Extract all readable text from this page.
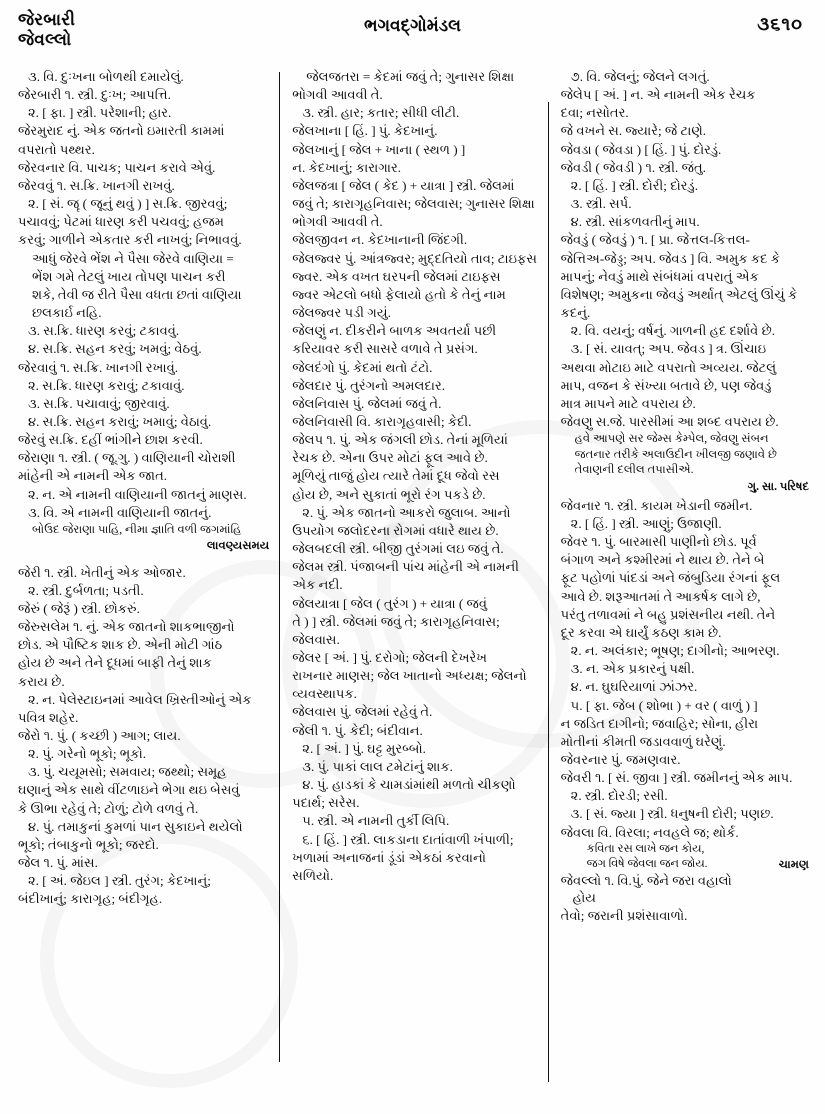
જેરબારી
જેવલ્લો
ભગવદ્ગોમંડલ	૩૬૧૦

૩. વિ. દુઃખના બોળથી દમાયેલું.

જેરબારી ૧. સ્ત્રી. દુઃખ; આપત્તિ.

૨. [ ફા. ] સ્ત્રી. પરેશાની; હાર.

જેરમુરાદ નું. એક જતનો ઇમારતી કામમાં

વપરાતો પથ્થર.

જેરવનાર વિ. પાચક; પાચન કરાવે એવું.

જેરવવું ૧. સ.ક્રિ. ખાનગી રાખવું.

૨. [ સં. જૄ ( જૂનું થવું ) ] સ.ક્રિ. જીરવવું;

પચાવવું; પેટમાં ધારણ કરી પચવવું; હજમ

કરવું; ગાળીને એકતાર કરી નાખવું; નિભાવવું.

આધું જેરવે ભેંશ ને પૈસા જેરવે વાણિયા =

ભેંશ ગમે તેટલું ખાય તોપણ પાચન કરી

શકે, તેવી જ રીતે પૈસા વધતા છતાં વાણિયા

છલકાર્ઇ નહિ.

૩. સ.ક્રિ. ધારણ કરવું; ટકાવવું.

૪. સ.ક્રિ. સહન કરવું; ખમવું; વેઠવું.

જેરવાવું ૧. સ.ક્રિ. ખાનગી રખાવું.

૨. સ.ક્રિ. ધારણ કરાવું; ટકાવાવું.

૩. સ.ક્રિ. પચાવાવું; જીરવાવું.

૪. સ.ક્રિ. સહન કરાવું; ખમાવું; વેઠાવું.

જેરવું સ.ક્રિ. દહીં ભાંગીને છાશ કરવી.

જેરાણા ૧. સ્ત્રી. ( જૂ.ગુ. ) વાણિયાની ચોરાશી

માંહેની એ નામની એક જાત.

૨. ન. એ નામની વાણિયાની જાતનું માણસ.

૩. વિ. એ નામની વાણિયાની જાતનું.

બોઉદ જેરાણા પાહિ, નીમા જ્ઞાતિ વળી જગમાંહિ

લાવણ્યસમય

જેરી ૧. સ્ત્રી. ખેતીનું એક ઓજાર.

૨. સ્ત્રી. દુર્બળતા; પડતી.

જેરું ( જેરૂં ) સ્ત્રી. છોકરું.

જેરુસલેમ ૧. નું. એક જાતનો શાકભાજીનો

છોડ. એ પૌષ્ટિક શાક છે. એની મોટી ગાંઠ

હોય છે અને તેને દૂધમાં બાફી તેનું શાક

કરાય છે.

૨. ન. પેલેસ્ટાઇનમાં આવેલ ખ્રિસ્તીઓનું એક

પવિત્ર શહેર.

જેરો ૧. પું. ( કચ્છી ) આગ; લાય.

૨. પું. ગરેનો ભૂકો; ભૂકો.

૩. પું. ચયૂમસો; સમવાય; જથ્થો; સમૂહ

ઘણાનું એક સાથે વીંટળાઇને ભેગા થઇ બેસવું

કે ઊભા રહેવું તે; ટોળું; ટોળે વળવું તે.

૪. પું. તમાકુનાં કુમળાં પાન સુકાઇને થયેલો

ભૂકો; તંબાકુનો ભૂકો; જરદો.

જેલ ૧. પું. માંસ.

૨. [ અં. જેઇલ ] સ્ત્રી. તુરંગ; કેદખાનું;

બંદીખાનું; કારાગૃહ; બંદીગૃહ.

જેલજતરા = કેદમાં જવું તે; ગુનાસર શિક્ષા

ભોગવી આવવી તે.

૩. સ્ત્રી. હાર; કતાર; સીધી લીટી.

જેલખાના [ હિં. ] પું. કેદખાનું.

જેલખાનું [ જેલ + ખાના ( સ્થળ ) ]

ન. કેદખાનું; કારાગાર.

જેલજત્રા [ જેલ ( કેદ ) + યાત્રા ] સ્ત્રી. જેલમાં

જવું તે; કારાગૃહનિવાસ; જેલવાસ; ગુનાસર શિક્ષા

ભોગવી આવવી તે.

જેલજીવન ન. કેદખાનાની જિંદગી.

જેલજ્વર પું. આંત્રજ્વર; મુદ્દતિયો તાવ; ટાઇફસ

જ્વર. એક વખત ઘરપની જેલમાં ટાઇફસ

જ્વર એટલો બધો ફેલાયો હતો કે તેનું નામ

જેલજ્વર પડી ગયું.

જેલણું ન. દીકરીને બાળક અવતર્યા પછી

કરિયાવર કરી સાસરે વળાવે તે પ્રસંગ.

જેલદંગો પું. કેદમાં થતો ટંટો.

જેલદાર પું. તુરંગનો અમલદાર.

જેલનિવાસ પું. જેલમાં જવું તે.

જેલનિવાસી વિ. કારાગૃહવાસી; કેદી.

જેલપ ૧. પું. એક જંગલી છોડ. તેનાં મૂળિયાં

રેચક છે. એના ઉપર મોટાં ફૂલ આવે છે.

મૂળિયું તાજું હોય ત્યારે તેમાં દૂધ જેવો રસ

હોય છે, અને સુકાતાં ભૂરો રંગ પકડે છે.

૨. પું. એક જાતનો આકરો જુલાબ. આનો

ઉપયોગ જલોદરના રોગમાં વધારે થાય છે.

જેલબદલી સ્ત્રી. બીજી તુરંગમાં લઇ જવું તે.

જેલમ સ્ત્રી. પંજાબની પાંચ માંહેની એ નામની

એક નદી.

જેલયાત્રા [ જેલ ( તુરંગ ) + યાત્રા ( જવું

તે ) ] સ્ત્રી. જેલમાં જવું તે; કારાગૃહનિવાસ;

જેલવાસ.

જેલર [ અં. ] પું. દરોગો; જેલની દેખરેખ

રાખનાર માણસ; જેલ ખાતાનો અધ્યક્ષ; જેલનો

વ્યવસ્થાપક.

જેલવાસ પું. જેલમાં રહેવું તે.

જેલી ૧. પું. કેદી; બંદીવાન.

૨. [ અં. ] પું. ઘટ્ટ મુરબ્બો.

૩. પું. પાકાં લાલ ટમેટાંનું શાક.

૪. પું. હાડકાં કે ચામડાંમાંથી મળતો ચીકણો

પદાર્થ; સરેસ.

૫. સ્ત્રી. એ નામની તુર્કી લિપિ.

૬. [ હિં. ] સ્ત્રી. લાકડાના દાતાંવાળી ખંપાળી;

ખળામાં અનાજનાં ડૂંડાં એકઠાં કરવાનો

સળિયો.

૭. વિ. જેલનું; જેલને લગતું.

જેલેપ [ અં. ] ન. એ નામની એક રેચક

દવા; નસોતર.

જે વખને સ. જ્યારે; જે ટાણે.

જેવડા ( જેવડા ) [ હિં. ] પું. દોરડું.

જેવડી ( જેવડી ) ૧. સ્ત્રી. જંતુ.

૨. [ હિં. ] સ્ત્રી. દોરી; દોરડું.

૩. સ્ત્રી. સર્પ.

૪. સ્ત્રી. સાંકળવતીનું માપ.

જેવડું ( જેવડું ) ૧. [ પ્રા. જેત્તલ-કિત્તલ-

જેત્તિઅ-જેડ્ડ; અપ. જેવડ ] વિ. અમુક કદ કે

માપનું; નેવડું માથે સંબંધમાં વપરાતું એક

વિશેષણ; અમુકના જેવડું અર્થાત્ એટલું ઊંચું કે

કદનું.

૨. વિ. વયનું; વર્ષનું. ગાળની હદ દર્શાવે છે.

૩. [ સં. યાવત્; અપ. જેવડ ] ત્ર. ઊંચાઇ

અથવા મોટાઇ માટે વપરાતો અવ્યય. જેટલું

માપ, વજન કે સંખ્યા બતાવે છે, પણ જેવડું

માત્ર માપને માટે વપરાય છે.

જેવણુ સ.જે. પારસીમાં આ શબ્દ વપરાય છે.

હવે આપણે સર જેમ્સ કેમ્પેલ, જેવણુ સંબન

જતનાર તરીકે અલાઉદીન ખીલજી જણાવે છે

તેવાણની દલીલ તપાસીએ.

ગુ. સા. પરિષદ

જેવનાર ૧. સ્ત્રી. કાયમ ખેડાની જમીન.

૨. [ હિં. ] સ્ત્રી. આણું; ઉજાણી.

જેવર ૧. પું. બારમાસી પાણીનો છોડ. પૂર્વ

બંગાળ અને કશ્મીરમાં ને થાય છે. તેને બે

ફૂટ પહોળાં પાંદડાં અને જંબુડિયા રંગનાં ફૂલ

આવે છે. શરૂઆતમાં તે આકર્ષક લાગે છે,

પરંતુ તળાવમાં ને બહુ પ્રશંસનીય નથી. તેને

દૂર કરવા એ ઘાર્યું કઠણ કામ છે.

૨. ન. અલંકાર; ભૂષણ; દાગીનો; આભરણ.

૩. ન. એક પ્રકારનું પક્ષી.

૪. ન. ઘુઘરિયાળાં ઝાંઝર.

૫. [ ફા. જેબ ( શોભા ) + વર ( વાળું ) ]

ન જડિત દાગીનો; જવાહિર; સોના, હીરા

મોતીનાં કીમતી જડાવવાળું ઘરેણું.

જેવરનાર પું. જમણવાર.

જેવરી ૧. [ સં. જીવા ] સ્ત્રી. જમીનનું એક માપ.

૨. સ્ત્રી. દોરડી; રસી.

૩. [ સં. જ્યા ] સ્ત્રી. ધનુષની દોરી; પણછ.

જેવલા વિ. વિરલા; નવહલે જ; થોર્ક.

કવિતા રસ લાખે જન કોય,

જગ વિષે જેવલા જન જોય.	ચામણ

જેવલ્લો ૧. વિ.પું. જેને જરા વહાલો હોય

તેવો; જરાની પ્રશંસાવાળો.
